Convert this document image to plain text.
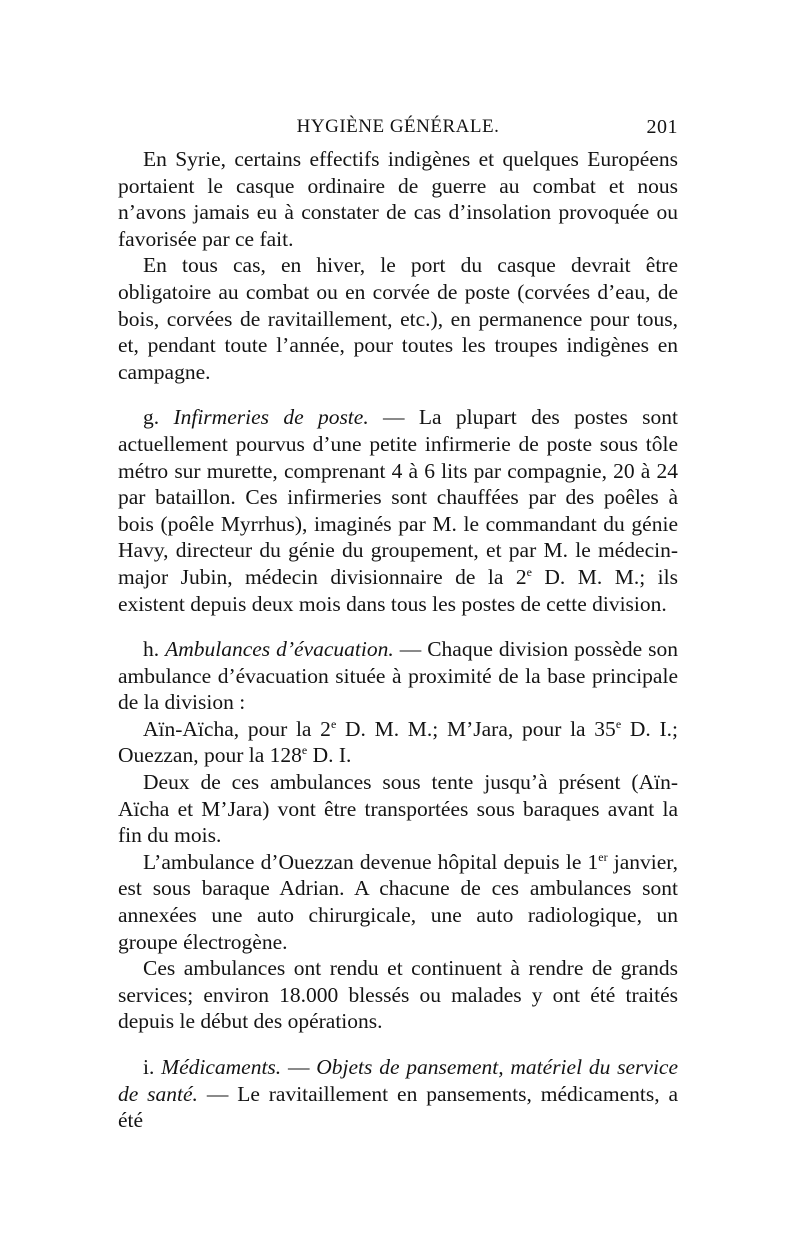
HYGIÈNE GÉNÉRALE.	201

En Syrie, certains effectifs indigènes et quelques Européens portaient le casque ordinaire de guerre au combat et nous n’avons jamais eu à constater de cas d’insolation provoquée ou favorisée par ce fait.

En tous cas, en hiver, le port du casque devrait être obligatoire au combat ou en corvée de poste (corvées d’eau, de bois, corvées de ravitaillement, etc.), en permanence pour tous, et, pendant toute l’année, pour toutes les troupes indigènes en campagne.

g. Infirmeries de poste. — La plupart des postes sont actuellement pourvus d’une petite infirmerie de poste sous tôle métro sur murette, comprenant 4 à 6 lits par compagnie, 20 à 24 par bataillon. Ces infirmeries sont chauffées par des poêles à bois (poêle Myrrhus), imaginés par M. le commandant du génie Havy, directeur du génie du groupement, et par M. le médecin-major Jubin, médecin divisionnaire de la 2e D. M. M.; ils existent depuis deux mois dans tous les postes de cette division.

h. Ambulances d’évacuation. — Chaque division possède son ambulance d’évacuation située à proximité de la base principale de la division :

Aïn-Aïcha, pour la 2e D. M. M.; M’Jara, pour la 35e D. I.; Ouezzan, pour la 128e D. I.

Deux de ces ambulances sous tente jusqu’à présent (Aïn-Aïcha et M’Jara) vont être transportées sous baraques avant la fin du mois.

L’ambulance d’Ouezzan devenue hôpital depuis le 1er janvier, est sous baraque Adrian. A chacune de ces ambulances sont annexées une auto chirurgicale, une auto radiologique, un groupe électrogène.

Ces ambulances ont rendu et continuent à rendre de grands services; environ 18.000 blessés ou malades y ont été traités depuis le début des opérations.

i. Médicaments. — Objets de pansement, matériel du service de santé. — Le ravitaillement en pansements, médicaments, a été
